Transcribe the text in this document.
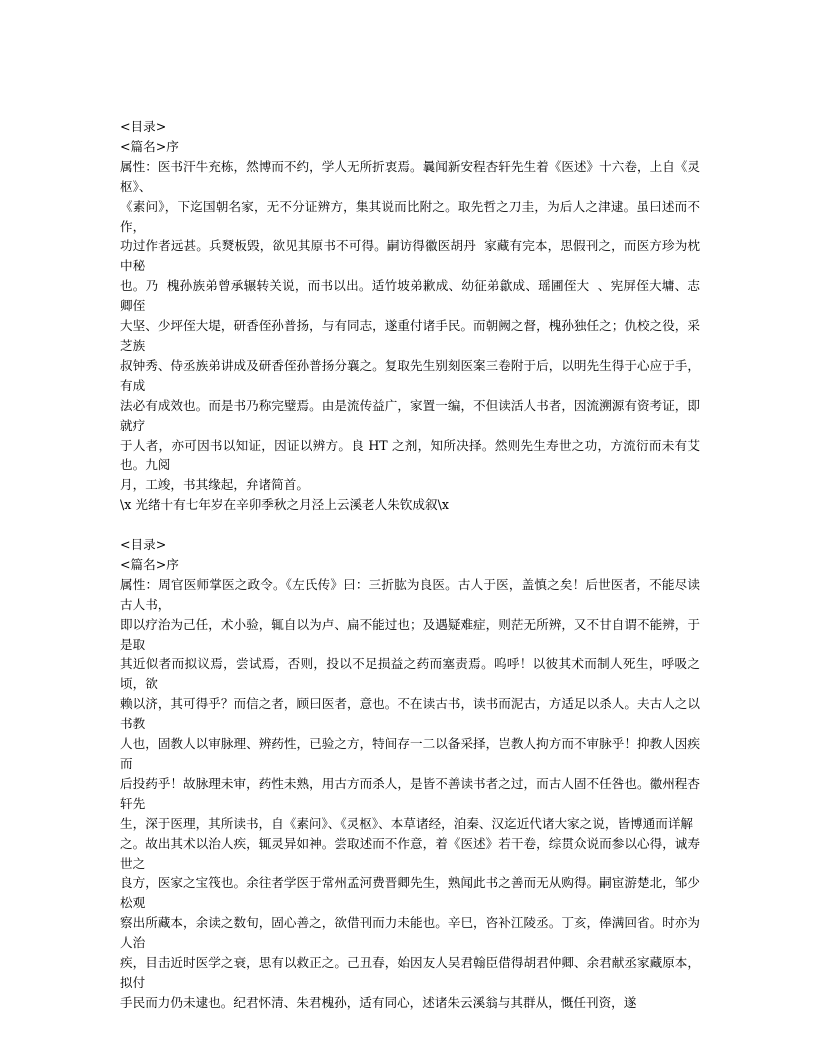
<目录>
<篇名>序
属性：医书汗牛充栋，然博而不约，学人无所折衷焉。曩闻新安程杏轩先生着《医述》十六卷，上自《灵枢》、
《素问》，下迄国朝名家，无不分证辨方，集其说而比附之。取先哲之刀圭，为后人之津逮。虽曰述而不作，
功过作者远甚。兵燹板毁，欲见其原书不可得。嗣访得徽医胡丹  家藏有完本，思假刊之，而医方珍为枕中秘
也。乃  槐孙族弟曾承辗转关说，而书以出。适竹坡弟歉成、幼征弟歙成、瑶圃侄大  、宪屏侄大墉、志卿侄
大坚、少坪侄大堤，研香侄孙普扬，与有同志，遂重付诸手民。而朝阙之督，槐孙独任之；仇校之役，采芝族
叔钟秀、侍丞族弟讲成及研香侄孙普扬分襄之。复取先生别刻医案三卷附于后，以明先生得于心应于手，有成
法必有成效也。而是书乃称完璧焉。由是流传益广，家置一编，不但读活人书者，因流溯源有资考证，即就疗
于人者，亦可因书以知证，因证以辨方。良 HT 之剂，知所决择。然则先生寿世之功，方流衍而未有艾也。九阅
月，工竣，书其缘起，弁诸简首。
\x 光绪十有七年岁在辛卯季秋之月泾上云溪老人朱钦成叙\x
<目录>
<篇名>序
属性：周官医师掌医之政令。《左氏传》曰：三折肱为良医。古人于医，盖慎之矣！后世医者，不能尽读古人书，
即以疗治为己任，术小验，辄自以为卢、扁不能过也；及遇疑难症，则茫无所辨，又不甘自谓不能辨，于是取
其近似者而拟议焉，尝试焉，否则，投以不足损益之药而塞责焉。呜呼！以彼其术而制人死生，呼吸之顷，欲
赖以济，其可得乎？而信之者，顾曰医者，意也。不在读古书，读书而泥古，方适足以杀人。夫古人之以书教
人也，固教人以审脉理、辨药性，已验之方，特间存一二以备采择，岂教人拘方而不审脉乎！抑教人因疾而
后投药乎！故脉理未审，药性未熟，用古方而杀人，是皆不善读书者之过，而古人固不任咎也。徽州程杏轩先
生，深于医理，其所读书，自《素问》、《灵枢》、本草诸经，洎秦、汉迄近代诸大家之说，皆博通而详解
之。故出其术以治人疾，辄灵异如神。尝取述而不作意，着《医述》若干卷，综贯众说而参以心得，诚寿世之
良方，医家之宝筏也。余往者学医于常州孟河费晋卿先生，熟闻此书之善而无从购得。嗣宦游楚北，邹少松观
察出所藏本，余读之数旬，固心善之，欲借刊而力未能也。辛巳，咨补江陵丞。丁亥，俸满回省。时亦为人治
疾，目击近时医学之衰，思有以救正之。己丑春，始因友人吴君翰臣借得胡君仲卿、余君献丞家藏原本，拟付
手民而力仍未逮也。纪君怀清、朱君槐孙，适有同心，述诸朱云溪翁与其群从，慨任刊资，遂
